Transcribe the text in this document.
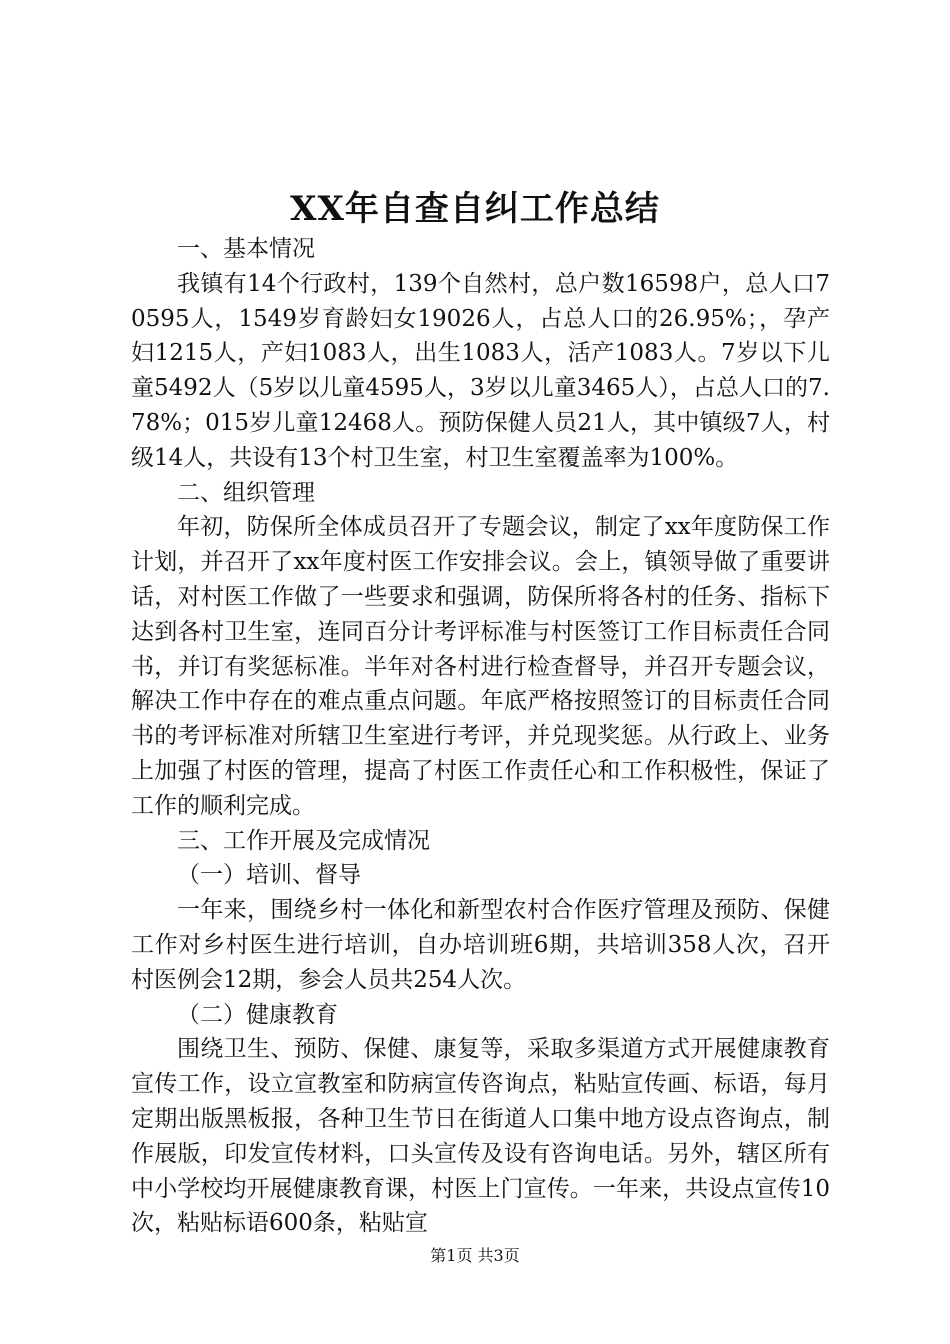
XX年自查自纠工作总结

一、基本情况

我镇有14个行政村，139个自然村，总户数16598户，总人口70595人，1549岁育龄妇女19026人，占总人口的26.95%；，孕产妇1215人，产妇1083人，出生1083人，活产1083人。7岁以下儿童5492人（5岁以儿童4595人，3岁以儿童3465人），占总人口的7.78%；015岁儿童12468人。预防保健人员21人，其中镇级7人，村级14人，共设有13个村卫生室，村卫生室覆盖率为100%。

二、组织管理

年初，防保所全体成员召开了专题会议，制定了xx年度防保工作计划，并召开了xx年度村医工作安排会议。会上，镇领导做了重要讲话，对村医工作做了一些要求和强调，防保所将各村的任务、指标下达到各村卫生室，连同百分计考评标准与村医签订工作目标责任合同书，并订有奖惩标准。半年对各村进行检查督导，并召开专题会议，解决工作中存在的难点重点问题。年底严格按照签订的目标责任合同书的考评标准对所辖卫生室进行考评，并兑现奖惩。从行政上、业务上加强了村医的管理，提高了村医工作责任心和工作积极性，保证了工作的顺利完成。

三、工作开展及完成情况

（一）培训、督导

一年来，围绕乡村一体化和新型农村合作医疗管理及预防、保健工作对乡村医生进行培训，自办培训班6期，共培训358人次，召开村医例会12期，参会人员共254人次。

（二）健康教育

围绕卫生、预防、保健、康复等，采取多渠道方式开展健康教育宣传工作，设立宣教室和防病宣传咨询点，粘贴宣传画、标语，每月定期出版黑板报，各种卫生节日在街道人口集中地方设点咨询点，制作展版，印发宣传材料，口头宣传及设有咨询电话。另外，辖区所有中小学校均开展健康教育课，村医上门宣传。一年来，共设点宣传10次，粘贴标语600条，粘贴宣

第1页 共3页
